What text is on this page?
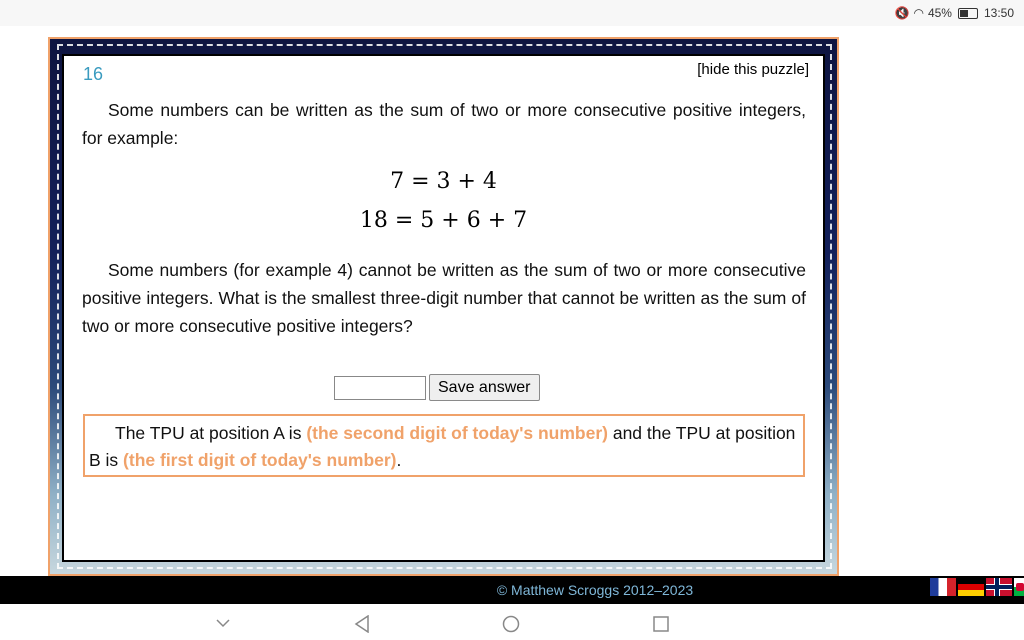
🔇 ◠ 45%	13:50
16	[hide this puzzle]

Some numbers can be written as the sum of two or more consecutive positive integers, for example:

7 = 3 + 4
18 = 5 + 6 + 7

Some numbers (for example 4) cannot be written as the sum of two or more consecutive positive integers. What is the smallest three-digit number that cannot be written as the sum of two or more consecutive positive integers?

Save answer
The TPU at position A is (the second digit of today's number) and the TPU at position B is (the first digit of today's number).
© Matthew Scroggs 2012–2023
